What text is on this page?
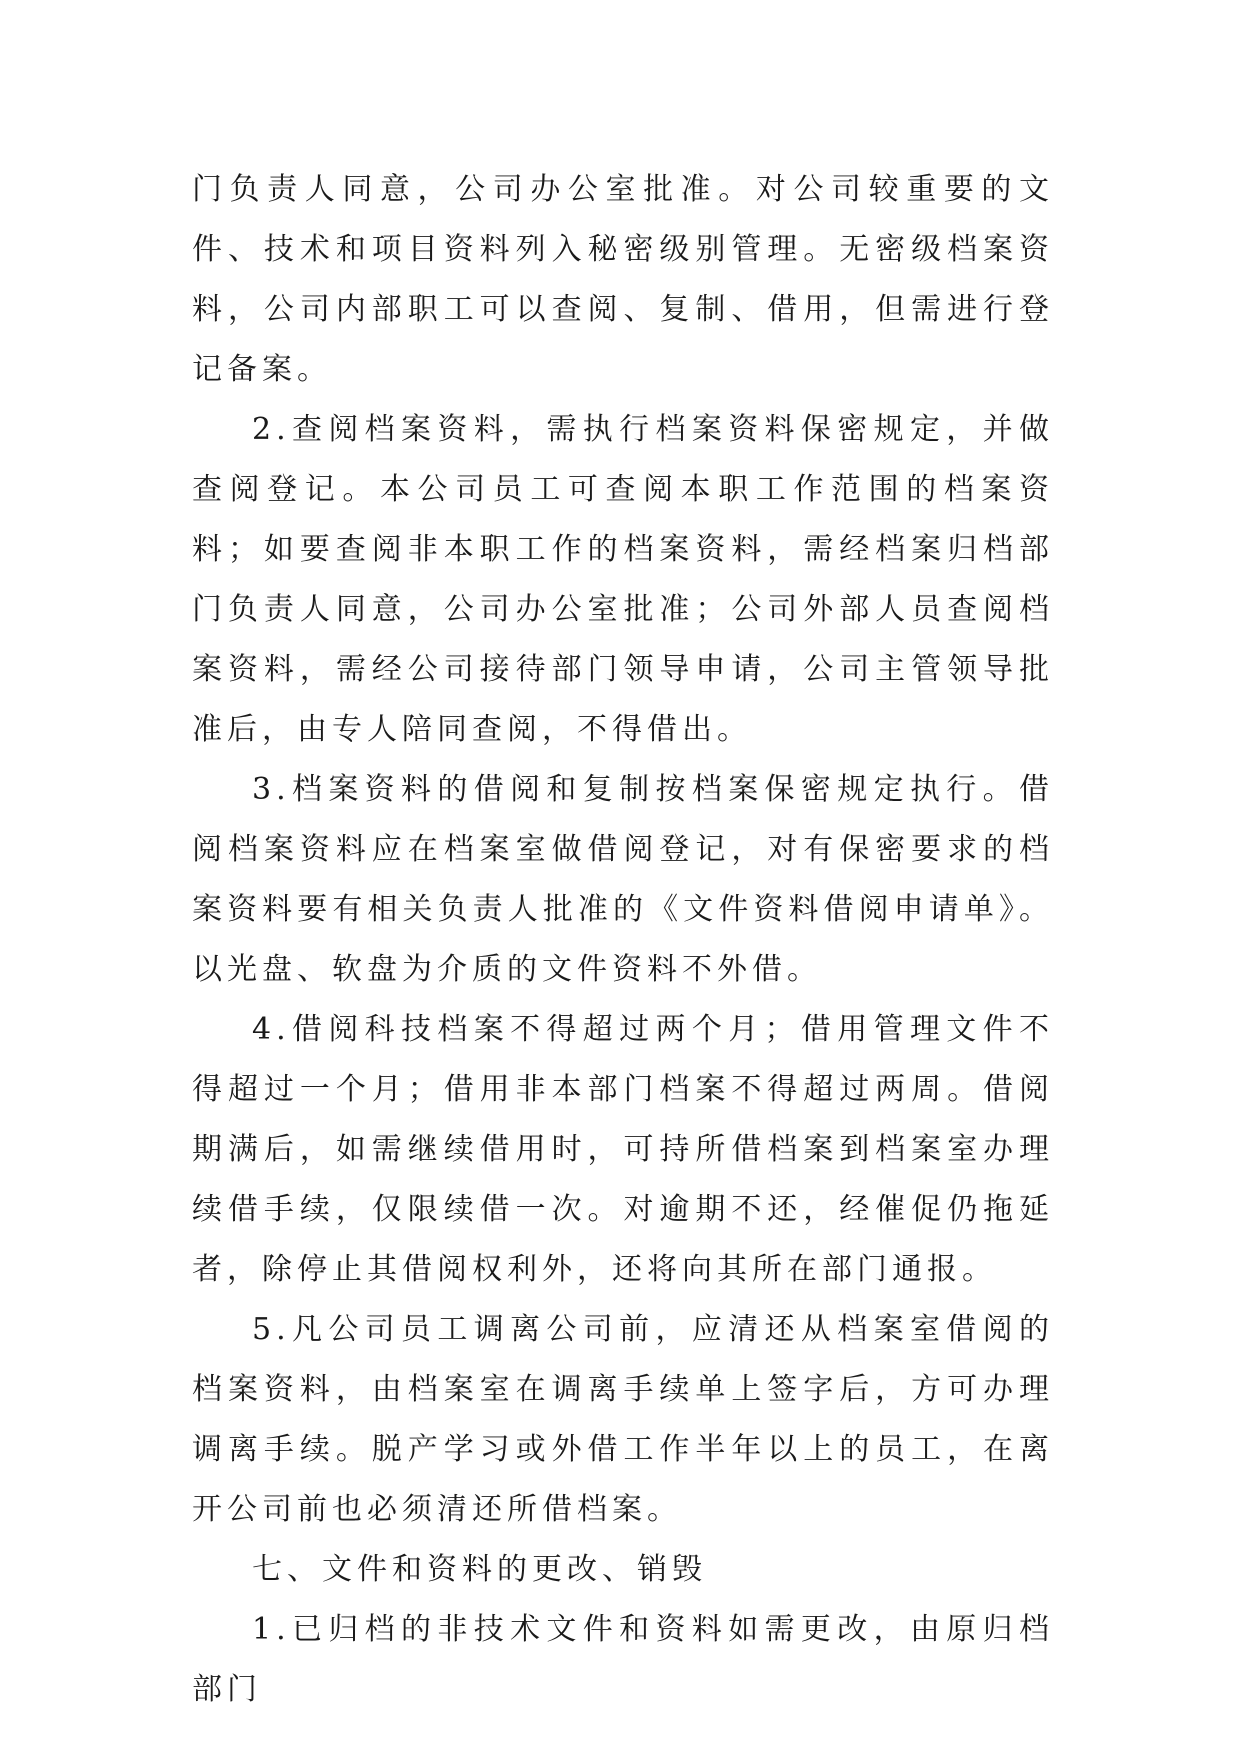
门负责人同意，公司办公室批准。对公司较重要的文件、技术和项目资料列入秘密级别管理。无密级档案资料，公司内部职工可以查阅、复制、借用，但需进行登记备案。

2.查阅档案资料，需执行档案资料保密规定，并做查阅登记。本公司员工可查阅本职工作范围的档案资料；如要查阅非本职工作的档案资料，需经档案归档部门负责人同意，公司办公室批准；公司外部人员查阅档案资料，需经公司接待部门领导申请，公司主管领导批准后，由专人陪同查阅，不得借出。

3.档案资料的借阅和复制按档案保密规定执行。借阅档案资料应在档案室做借阅登记，对有保密要求的档案资料要有相关负责人批准的《文件资料借阅申请单》。以光盘、软盘为介质的文件资料不外借。

4.借阅科技档案不得超过两个月；借用管理文件不得超过一个月；借用非本部门档案不得超过两周。借阅期满后，如需继续借用时，可持所借档案到档案室办理续借手续，仅限续借一次。对逾期不还，经催促仍拖延者，除停止其借阅权利外，还将向其所在部门通报。

5.凡公司员工调离公司前，应清还从档案室借阅的档案资料，由档案室在调离手续单上签字后，方可办理调离手续。脱产学习或外借工作半年以上的员工，在离开公司前也必须清还所借档案。

七、文件和资料的更改、销毁

1.已归档的非技术文件和资料如需更改，由原归档部门
